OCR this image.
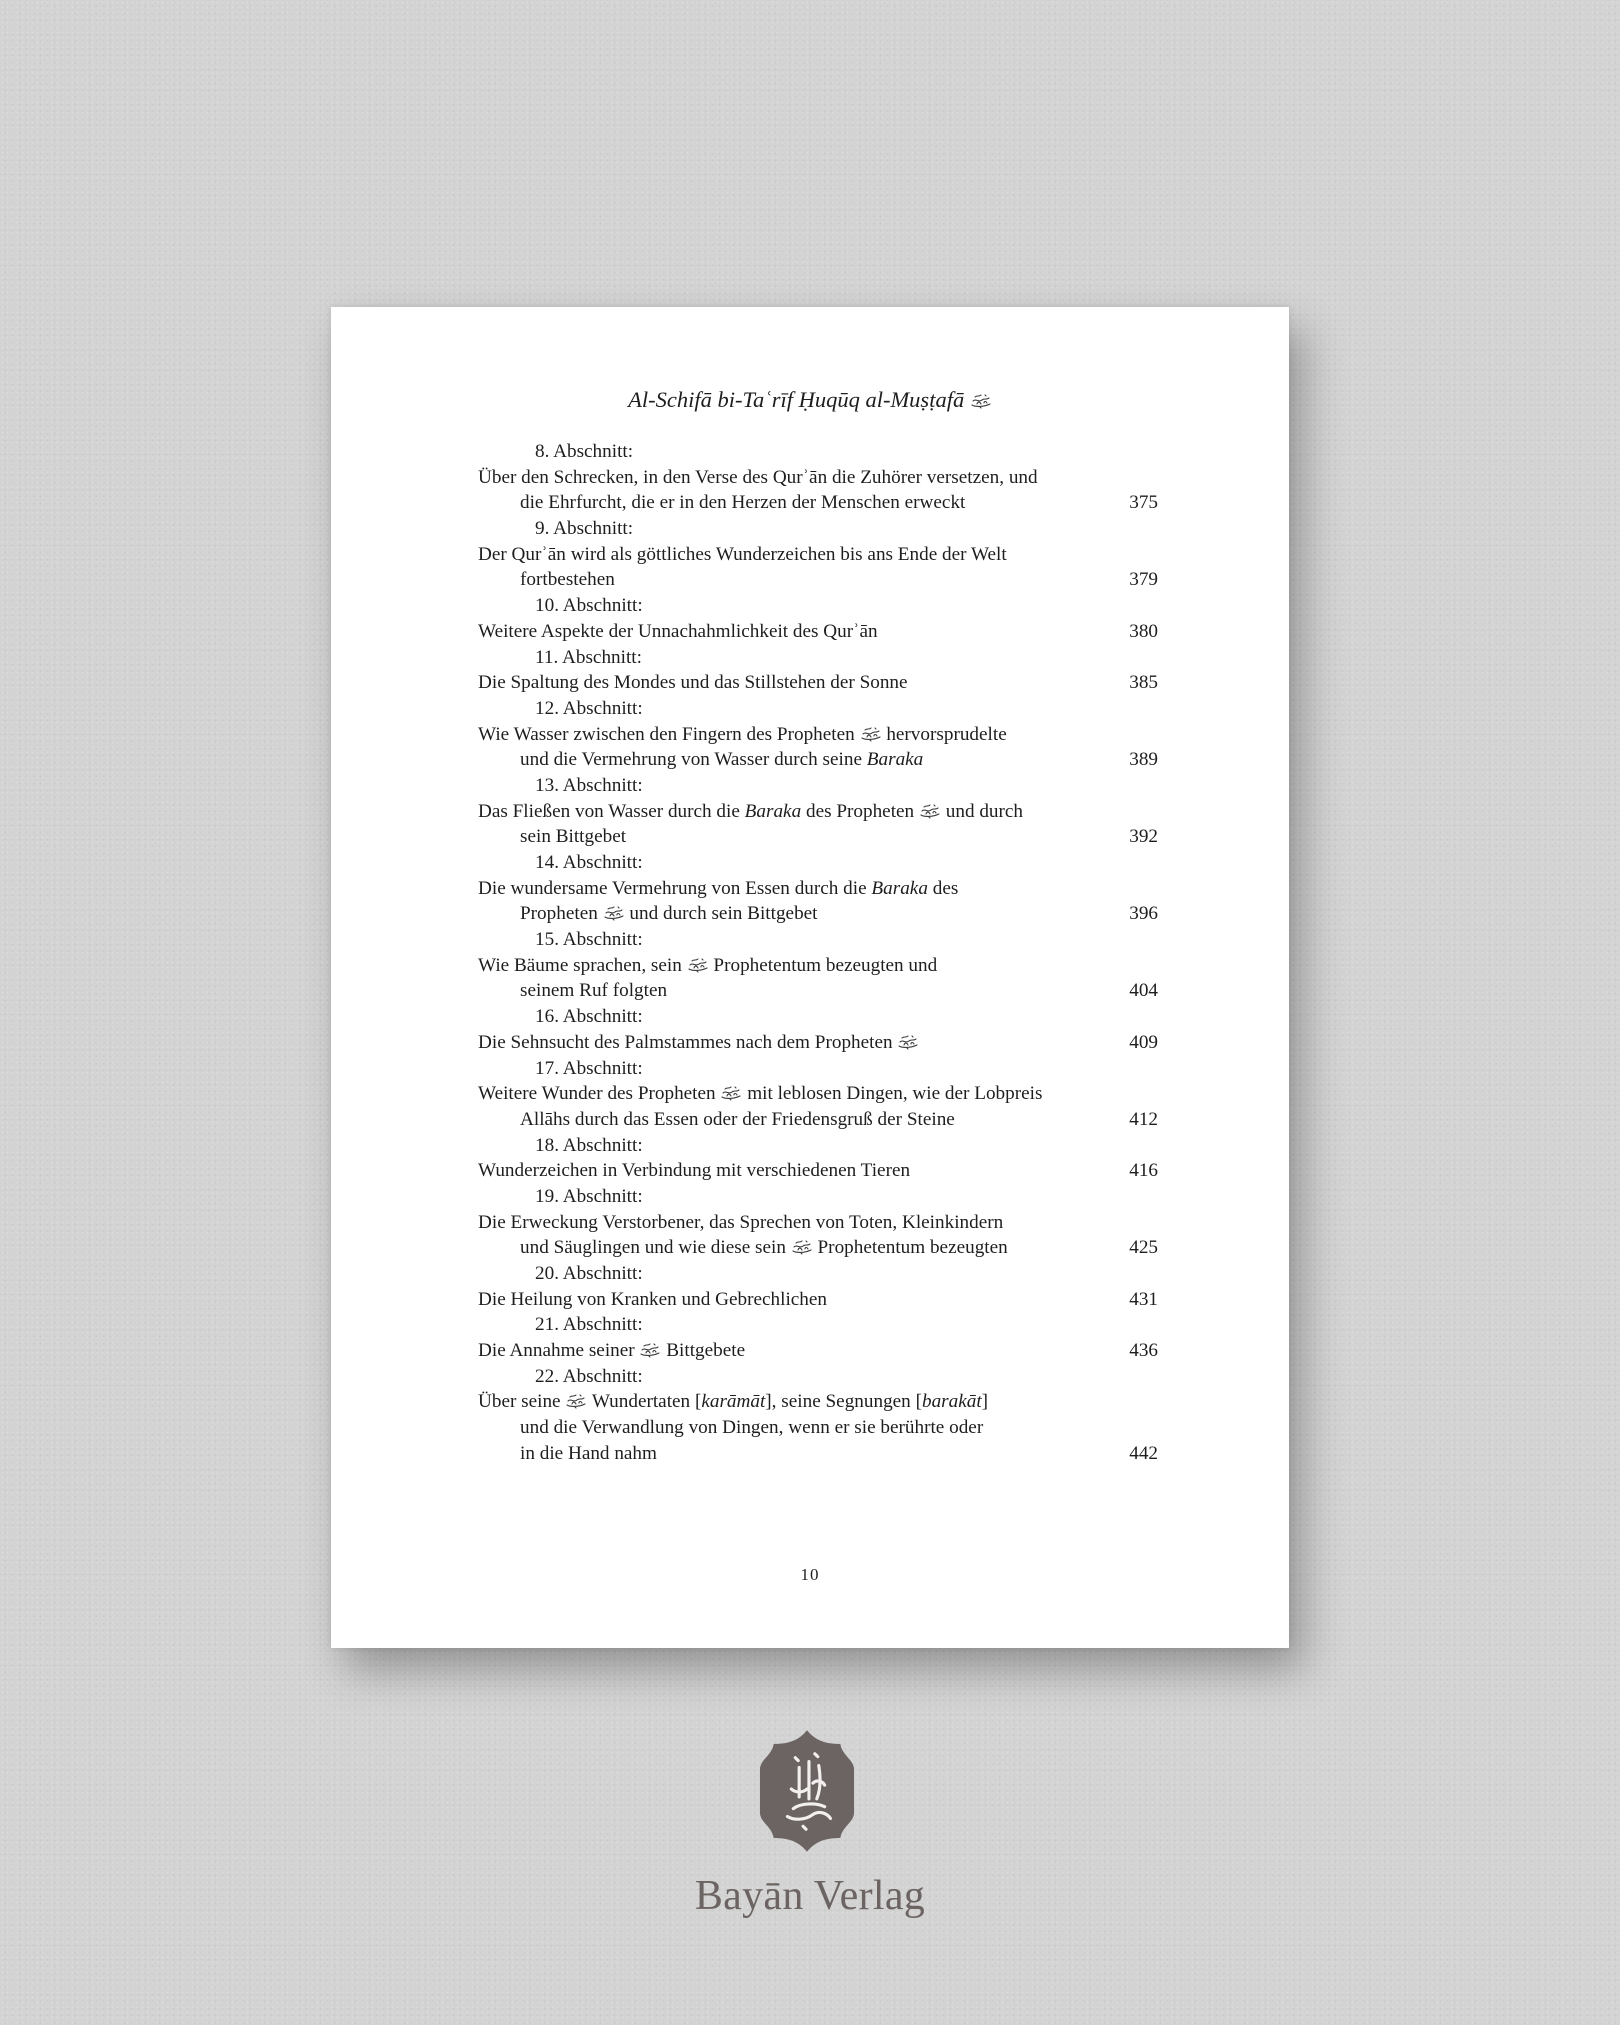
Al-Schifā bi-Taʿrīf Ḥuqūq al-Muṣṭafā
8. Abschnitt:
Über den Schrecken, in den Verse des Qurʾān die Zuhörer versetzen, und
die Ehrfurcht, die er in den Herzen der Menschen erweckt	375
9. Abschnitt:
Der Qurʾān wird als göttliches Wunderzeichen bis ans Ende der Welt
fortbestehen	379
10. Abschnitt:
Weitere Aspekte der Unnachahmlichkeit des Qurʾān	380
11. Abschnitt:
Die Spaltung des Mondes und das Stillstehen der Sonne	385
12. Abschnitt:
Wie Wasser zwischen den Fingern des Propheten
hervorsprudelte
und die Vermehrung von Wasser durch seine Baraka	389
13. Abschnitt:
Das Fließen von Wasser durch die Baraka des Propheten
und durch
sein Bittgebet	392
14. Abschnitt:
Die wundersame Vermehrung von Essen durch die Baraka des
Propheten
und durch sein Bittgebet	396
15. Abschnitt:
Wie Bäume sprachen, sein
Prophetentum bezeugten und
seinem Ruf folgten	404
16. Abschnitt:
Die Sehnsucht des Palmstammes nach dem Propheten	409
17. Abschnitt:
Weitere Wunder des Propheten
mit leblosen Dingen, wie der Lobpreis
Allāhs durch das Essen oder der Friedensgruß der Steine	412
18. Abschnitt:
Wunderzeichen in Verbindung mit verschiedenen Tieren	416
19. Abschnitt:
Die Erweckung Verstorbener, das Sprechen von Toten, Kleinkindern
und Säuglingen und wie diese sein
Prophetentum bezeugten	425
20. Abschnitt:
Die Heilung von Kranken und Gebrechlichen	431
21. Abschnitt:
Die Annahme seiner
Bittgebete	436
22. Abschnitt:
Über seine
Wundertaten [karāmāt], seine Segnungen [barakāt]
und die Verwandlung von Dingen, wenn er sie berührte oder
in die Hand nahm	442
10
Bayān Verlag
